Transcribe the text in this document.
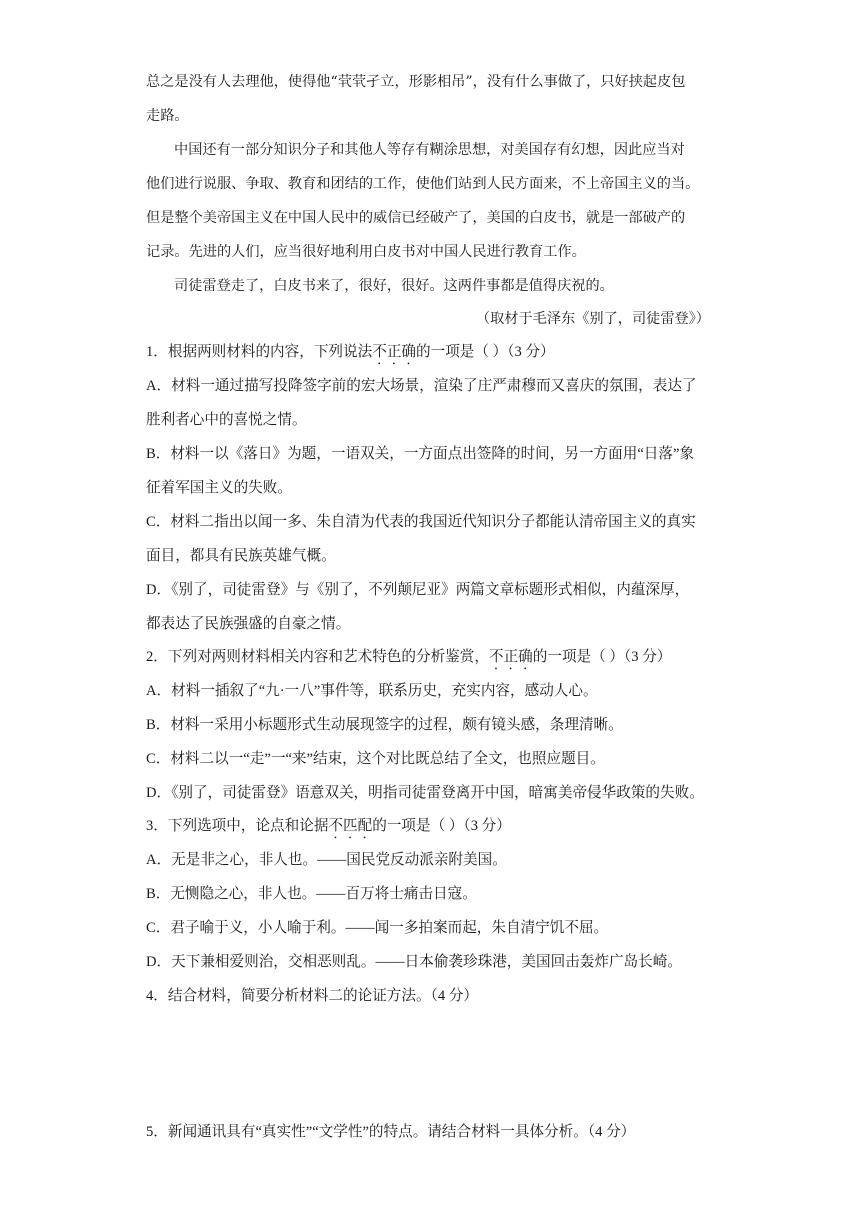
总之是没有人去理他，使得他“茕茕孑立，形影相吊”，没有什么事做了，只好挟起皮包
走路。
中国还有一部分知识分子和其他人等存有糊涂思想，对美国存有幻想，因此应当对
他们进行说服、争取、教育和团结的工作，使他们站到人民方面来，不上帝国主义的当。
但是整个美帝国主义在中国人民中的威信已经破产了，美国的白皮书，就是一部破产的
记录。先进的人们，应当很好地利用白皮书对中国人民进行教育工作。
司徒雷登走了，白皮书来了，很好，很好。这两件事都是值得庆祝的。
（取材于毛泽东《别了，司徒雷登》）
1．根据两则材料的内容，下列说法不正确的一项是（ ）（3 分）
A．材料一通过描写投降签字前的宏大场景，渲染了庄严肃穆而又喜庆的氛围，表达了
胜利者心中的喜悦之情。
B．材料一以《落日》为题，一语双关，一方面点出签降的时间，另一方面用“日落”象
征着军国主义的失败。
C．材料二指出以闻一多、朱自清为代表的我国近代知识分子都能认清帝国主义的真实
面目，都具有民族英雄气概。
D．《别了，司徒雷登》与《别了，不列颠尼亚》两篇文章标题形式相似，内蕴深厚，
都表达了民族强盛的自豪之情。
2．下列对两则材料相关内容和艺术特色的分析鉴赏，不正确的一项是（ ）（3 分）
A．材料一插叙了“九·一八”事件等，联系历史，充实内容，感动人心。
B．材料一采用小标题形式生动展现签字的过程，颇有镜头感，条理清晰。
C．材料二以一“走”一“来”结束，这个对比既总结了全文，也照应题目。
D．《别了，司徒雷登》语意双关，明指司徒雷登离开中国，暗寓美帝侵华政策的失败。
3．下列选项中，论点和论据不匹配的一项是（ ）（3 分）
A．无是非之心，非人也。——国民党反动派亲附美国。
B．无恻隐之心，非人也。——百万将士痛击日寇。
C．君子喻于义，小人喻于利。——闻一多拍案而起，朱自清宁饥不屈。
D．天下兼相爱则治，交相恶则乱。——日本偷袭珍珠港，美国回击轰炸广岛长崎。
4．结合材料，简要分析材料二的论证方法。（4 分）
5．新闻通讯具有“真实性”“文学性”的特点。请结合材料一具体分析。（4 分）
